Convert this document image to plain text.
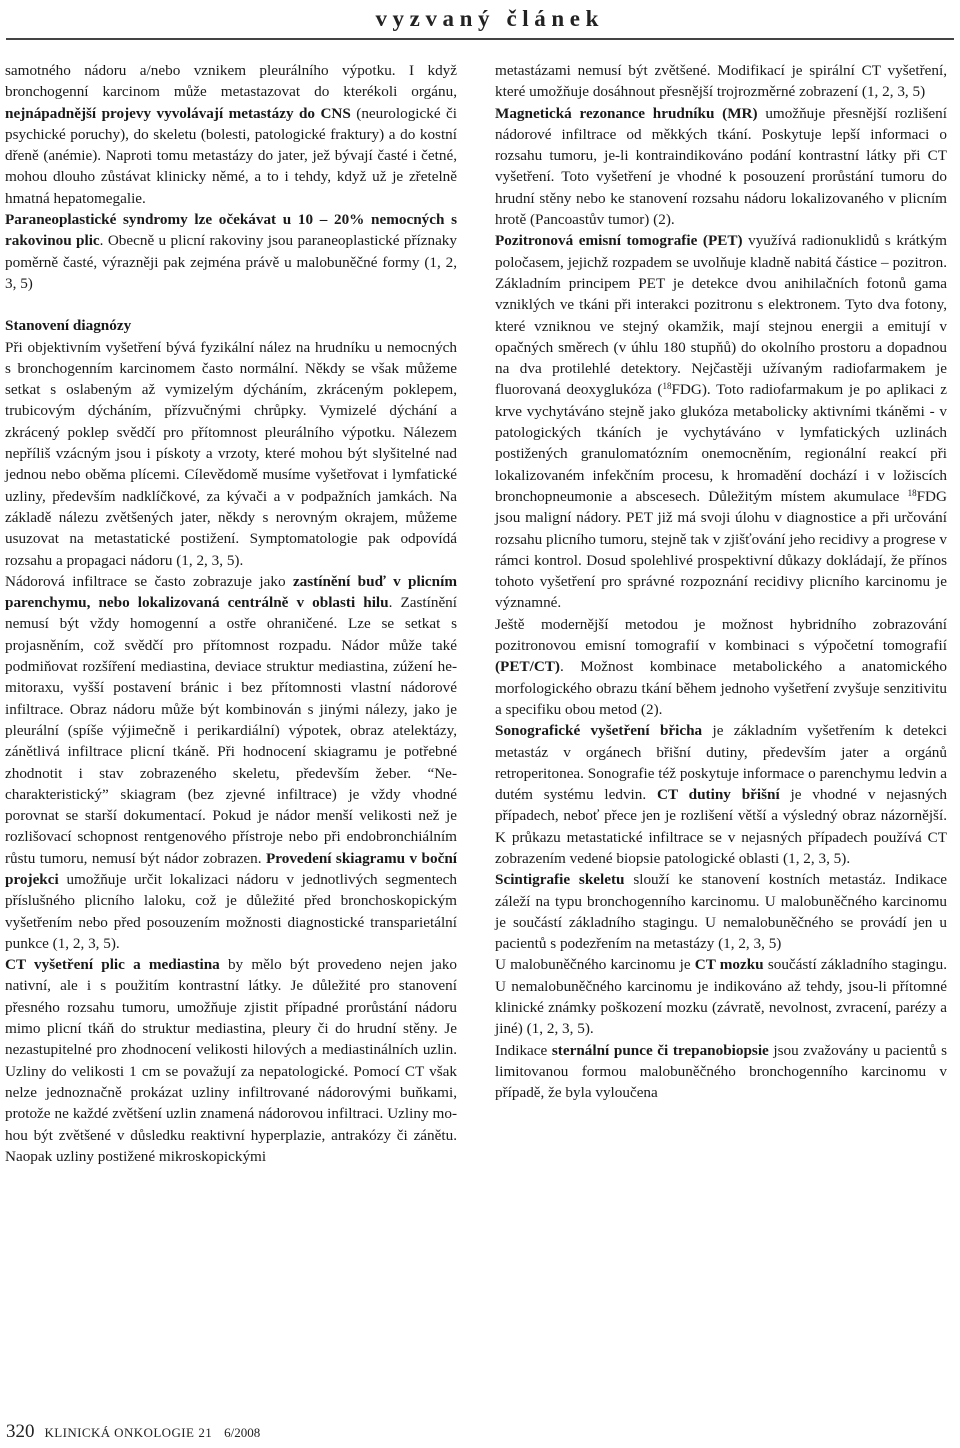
vyzvaný článek

samotného nádoru a/nebo vznikem pleurálního výpotku. I když bronchogenní karcinom může metastazovat do kterékoli orgánu, nejnápadnější projevy vyvolávají metastázy do CNS (neurologické či psychické poruchy), do skeletu (bolesti, patologické fraktury) a do kostní dřeně (anémie). Naproti tomu metastázy do jater, jež bývají časté i četné, mohou dlouho zůstávat klinicky němé, a to i tehdy, když už je zřetelně hmatná hepatomegalie.

Paraneoplastické syndromy lze očekávat u 10 – 20% nemocných s rakovinou plic. Obecně u plicní rakoviny jsou paraneoplastické příznaky poměrně časté, výrazněji pak zejména právě u malobuněčné formy (1, 2, 3, 5)

Stanovení diagnózy

Při objektivním vyšetření bývá fyzikální nález na hrudníku u nemocných s bronchogenním karcinomem často normální. Někdy se však můžeme setkat s oslabeným až vymizelým dýcháním, zkráceným poklepem, trubicovým dýcháním, přízvučnými chrůpky. Vymizelé dýchání a zkrácený poklep svědčí pro přítomnost pleurálního výpotku. Nálezem nepříliš vzácným jsou i pískoty a vrzoty, které mohou být slyšitelné nad jednou nebo oběma plícemi. Cílevědomě musíme vyšetřovat i lymfatické uzliny, především nadklíčkové, za kývači a v podpažních jamkách. Na základě nálezu zvětšených jater, někdy s nerovným okrajem, můžeme usuzovat na metastatické postižení. Symptomatologie pak odpovídá rozsahu a propagaci nádoru (1, 2, 3, 5).

Nádorová infiltrace se často zobrazuje jako zastínění buď v plicním parenchymu, nebo lokalizovaná centrálně v oblasti hilu. Zastínění nemusí být vždy homogenní a ostře ohraničené. Lze se setkat s projasněním, což svědčí pro přítomnost rozpadu. Nádor může také podmiňovat rozšíření mediastina, deviace struktur mediastina, zúžení hemitoraxu, vyšší postavení bránic i bez přítomnosti vlastní nádorové infiltrace. Obraz nádoru může být kombinován s jinými nálezy, jako je pleurální (spíše výjimečně i perikardiální) výpotek, obraz atelektázy, zánětlivá infiltrace plicní tkáně. Při hodnocení skiagramu je potřebné zhodnotit i stav zobrazeného skeletu, především žeber. “Necharakteristický” skiagram (bez zjevné infiltrace) je vždy vhodné porovnat se starší dokumentací. Pokud je nádor menší velikosti než je rozlišovací schopnost rentgenového přístroje nebo při endobronchiálním růstu tumoru, nemusí být nádor zobrazen. Provedení skiagramu v boční projekci umožňuje určit lokalizaci nádoru v jednotlivých segmentech příslušného plicního laloku, což je důležité před bronchoskopickým vyšetřením nebo před posouzením možnosti diagnostické transparietální punkce (1, 2, 3, 5).

CT vyšetření plic a mediastina by mělo být provedeno nejen jako nativní, ale i s použitím kontrastní látky. Je důležité pro stanovení přesného rozsahu tumoru, umožňuje zjistit případné prorůstání nádoru mimo plicní tkáň do struktur mediastina, pleury či do hrudní stěny. Je nezastupitelné pro zhodnocení velikosti hilových a mediastinálních uzlin. Uzliny do velikosti 1 cm se považují za nepatologické. Pomocí CT však nelze jednoznačně prokázat uzliny infiltrované nádorovými buňkami, protože ne každé zvětšení uzlin znamená nádorovou infiltraci. Uzliny mohou být zvětšené v důsledku reaktivní hyperplazie, antrakózy či zánětu. Naopak uzliny postižené mikroskopickými

metastázami nemusí být zvětšené. Modifikací je spirální CT vyšetření, které umožňuje dosáhnout přesnější trojrozměrné zobrazení (1, 2, 3, 5)

Magnetická rezonance hrudníku (MR) umožňuje přesnější rozlišení nádorové infiltrace od měkkých tkání. Poskytuje lepší informaci o rozsahu tumoru, je-li kontraindikováno podání kontrastní látky při CT vyšetření. Toto vyšetření je vhodné k posouzení prorůstání tumoru do hrudní stěny nebo ke stanovení rozsahu nádoru lokalizovaného v plicním hrotě (Pancoastův tumor) (2).

Pozitronová emisní tomografie (PET) využívá radionuklidů s krátkým poločasem, jejichž rozpadem se uvolňuje kladně nabitá částice – pozitron. Základním principem PET je detekce dvou anihilačních fotonů gama vzniklých ve tkáni při interakci pozitronu s elektronem. Tyto dva fotony, které vzniknou ve stejný okamžik, mají stejnou energii a emitují v opačných směrech (v úhlu 180 stupňů) do okolního prostoru a dopadnou na dva protilehlé detektory. Nejčastěji užívaným radiofarmakem je fluorovaná deoxyglukóza ($^{18}$FDG). Toto radiofarmakum je po aplikaci z krve vychytáváno stejně jako glukóza metabolicky aktivními tkáněmi - v patologických tkáních je vychytáváno v lymfatických uzlinách postižených granulomatózním onemocněním, regionální reakcí při lokalizovaném infekčním procesu, k hromadění dochází i v ložiscích bronchopneumonie a abscesech. Důležitým místem akumulace $^{18}$FDG jsou maligní nádory. PET již má svoji úlohu v diagnostice a při určování rozsahu plicního tumoru, stejně tak v zjišťování jeho recidivy a progrese v rámci kontrol. Dosud spolehlivé prospektivní důkazy dokládají, že přínos tohoto vyšetření pro správné rozpoznání recidivy plicního karcinomu je významné.

Ještě modernější metodou je možnost hybridního zobrazování pozitronovou emisní tomografií v kombinaci s výpočetní tomografií (PET/CT). Možnost kombinace metabolického a anatomického morfologického obrazu tkání během jednoho vyšetření zvyšuje senzitivitu a specifiku obou metod (2).

Sonografické vyšetření břicha je základním vyšetřením k detekci metastáz v orgánech břišní dutiny, především jater a orgánů retroperitonea. Sonografie též poskytuje informace o parenchymu ledvin a dutém systému ledvin. CT dutiny břišní je vhodné v nejasných případech, neboť přece jen je rozlišení větší a výsledný obraz názornější. K průkazu metastatické infiltrace se v nejasných případech používá CT zobrazením vedené biopsie patologické oblasti (1, 2, 3, 5).

Scintigrafie skeletu slouží ke stanovení kostních metastáz. Indikace záleží na typu bronchogenního karcinomu. U malobuněčného karcinomu je součástí základního stagingu. U nemalobuněčného se provádí jen u pacientů s podezřením na metastázy (1, 2, 3, 5)

U malobuněčného karcinomu je CT mozku součástí základního stagingu. U nemalobuněčného karcinomu je indikováno až tehdy, jsou-li přítomné klinické známky poškození mozku (závratě, nevolnost, zvracení, parézy a jiné) (1, 2, 3, 5).

Indikace sternální punce či trepanobiopsie jsou zvažovány u pacientů s limitovanou formou malobuněčného bronchogenního karcinomu v případě, že byla vyloučena

320 KLINICKÁ ONKOLOGIE 21 6/2008
